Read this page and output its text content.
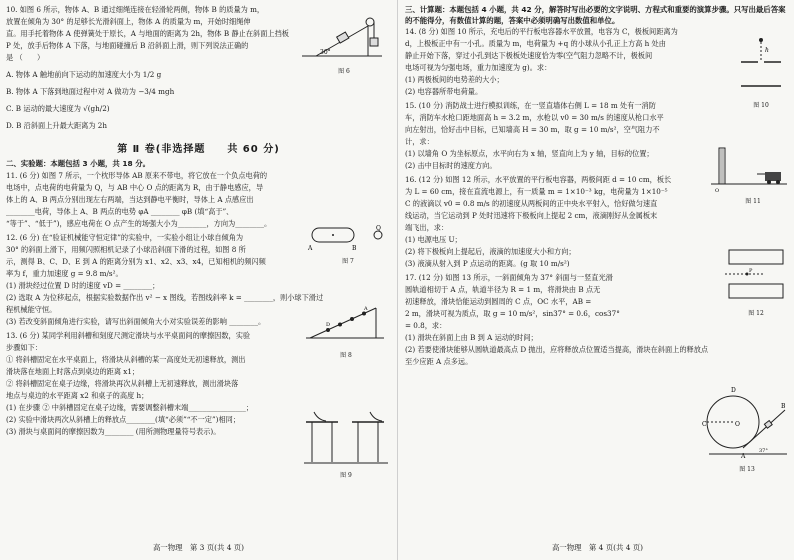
10. 如图 6 所示，物体 A、B 通过细绳连接在轻滑轮两侧，物体 B 的质量为 m，
放置在倾角为 30° 的足够长光滑斜面上，物体 A 的质量为 m，开始时细绳伸
直。用手托着物体 A 使弹簧处于原长，A 与地面的距离为 2h，物体 B 静止在斜面上挡板
P 处，放手后物体 A 下落，与地面碰撞后 B 沿斜面上滑，则下列说法正确的
是 （　　）
A. 物体 A 触地前向下运动的加速度大小为 1/2 g
B. 物体 A 下落到地面过程中对 A 做功为 −3/4 mgh
C. B 运动的最大速度为 √(gh/2)
D. B 沿斜面上升最大距离为 2h
30°
图 6
第 Ⅱ 卷(非选择题　　共 60 分)
二、实验题：本题包括 3 小题，共 18 分。
11. (6 分) 如图 7 所示，一个枕形导体 AB 原来不带电，将它放在一个负点电荷的
电场中，点电荷的电荷量为 Q，与 AB 中心 O 点的距离为 R，由于静电感应，导
体上的 A、B 两点分别出现左右两端，当达到静电平衡时，导体上 A 点感应出
________电荷，导体上 A、B 两点的电势 φA ________ φB (填“高于”、
“等于”、“低于”)，感应电荷在 O 点产生的场强大小为________，方向为________。
Q
A	B
图 7
12. (6 分) 在“验证机械能守恒定律”的实验中，一实验小组让小球自倾角为
30° 的斜面上滑下，用频闪照相机记录了小球沿斜面下滑的过程，如图 8 所
示，测得 B、C、D、E 到 A 的距离分别为 x1、x2、x3、x4，已知相机的频闪频
率为 f，重力加速度 g = 9.8 m/s²。
(1) 滑块经过位置 D 时的速度 vD = ________；
(2) 选取 A 为位移起点，根据实验数据作出 v² − x 图线，若图线斜率 k = ________，则小球下滑过
程机械能守恒。
(3) 若改变斜面倾角进行实验，请写出斜面倾角大小对实验误差的影响 ________。	D
A
图 8
13. (6 分) 某同学利用斜槽和刻度尺测定滑块与水平桌面间的摩擦因数，实验
步骤如下：
① 将斜槽固定在水平桌面上，将滑块从斜槽的某一高度处无初速释放，测出
滑块落在地面上时落点到桌边的距离 x1；
② 将斜槽固定在桌子边缘，将滑块再次从斜槽上无初速释放，测出滑块落
地点与桌边的水平距离 x2 和桌子的高度 h；
(1) 在步骤 ② 中斜槽固定在桌子边缘，需要调整斜槽末端________________；
(2) 实验中滑块两次从斜槽上的释放点________(填“必须”“不一定”)相同；
(3) 滑块与桌面间的摩擦因数为________ (用所测物理量符号表示)。
图 9
高一物理　第 3 页(共 4 页)
三、计算题：本题包括 4 小题，共 42 分，解答时写出必要的文字说明、方程式和重要的演算步骤。只写出最后答案的不能得分，有数值计算的题，答案中必须明确写出数值和单位。
14. (8 分) 如图 10 所示，充电后的平行板电容器水平放置，电容为 C，极板间距离为
d，上极板正中有一小孔。质量为 m，电荷量为 +q 的小球从小孔正上方高 h 处由
静止开始下落，穿过小孔到达下极板处速度恰为零(空气阻力忽略不计，极板间
电场可视为匀强电场，重力加速度为 g)。求：
(1) 两极板间的电势差的大小；
(2) 电容器所带电荷量。
h
图 10
15. (10 分) 消防战士进行模拟训练，在一竖直墙体右侧 L = 18 m 处有一消防
车，消防车水枪口距地面高 h = 3.2 m，水枪以 v0 = 30 m/s 的速度从枪口水平
向左射出，恰好击中目标，已知墙高 H = 30 m，取 g = 10 m/s²，空气阻力不
计，求：
(1) 以墙角 O 为坐标原点，水平向右为 x 轴，竖直向上为 y 轴，目标的位置；
(2) 击中目标时的速度方向。
O
图 11
16. (12 分) 如图 12 所示，水平放置的平行板电容器，两极间距 d = 10 cm，板长
为 L = 60 cm，接在直流电源上，有一质量 m = 1×10⁻³ kg，电荷量为 1×10⁻⁵
C 的液滴以 v0 = 0.8 m/s 的初速度从两板间的正中央水平射入，恰好做匀速直
线运动，当它运动到 P 处时迅速将下极板向上提起 2 cm，液滴刚好从金属板末
端飞出，求：
(1) 电源电压 U；
(2) 将下极板向上提起后，液滴的加速度大小和方向；
(3) 液滴从射入到 P 点运动的距离。(g 取 10 m/s²)
P
图 12
17. (12 分) 如图 13 所示，一斜面倾角为 37° 斜面与一竖直光滑
圆轨道相切于 A 点，轨道半径为 R = 1 m，将滑块由 B 点无
初速释放，滑块恰能运动到圆周的 C 点，OC 水平，AB =
2 m，滑块可视为质点，取 g = 10 m/s²，sin37° = 0.6，cos37°
= 0.8，求：
(1) 滑块在斜面上由 B 到 A 运动的时间；
(2) 若要使滑块能够从圆轨道最高点 D 抛出，应将释放点位置适当提高，滑块在斜面上的释放点
至少应距 A 点多远。
D
C	O
A
B
37°
图 13
高一物理　第 4 页(共 4 页)
